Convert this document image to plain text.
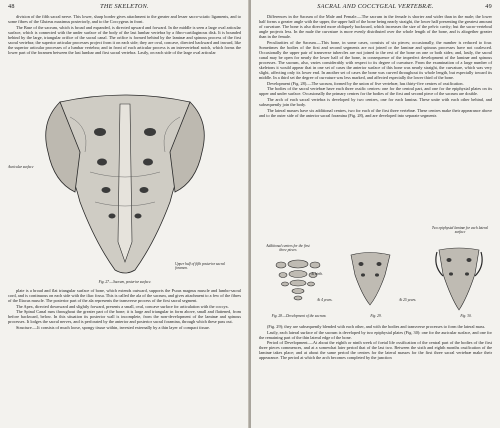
48	THE SKELETON.

division of the fifth sacral nerve. This lower, sharp border gives attachment to the greater and lesser sacro-sciatic ligaments, and to some fibres of the Gluteus maximus posteriorly, and to the Coccygeus in front.

The Base of the sacrum, which is broad and expanded, is directed upward and forward. In the middle is seen a large oval articular surface, which is connected with the under surface of the body of the last lumbar vertebra by a fibro-cartilaginous disk. It is bounded behind by the large, triangular orifice of the sacral canal. The orifice is formed behind by the laminæ and spinous process of the first sacral vertebra; the superior articular processes project from it on each side; they are oval, concave, directed backward and inward, like the superior articular processes of a lumbar vertebra; and in front of each articular process is an intervertebral notch, which forms the lower part of the foramen between the last lumbar and first sacral vertebra. Lastly, on each side of the large oval articular

Auricular surface
Upper half of fifth posterior sacral foramen.
Fig. 27.—Sacrum, posterior surface.

plate is a broad and flat triangular surface of bone, which extends outward, supports the Psoas magnus muscle and lumbo-sacral cord, and is continuous on each side with the iliac fossa. This is called the ala of the sacrum, and gives attachment to a few of the fibres of the Iliacus muscle. The posterior part of the ala represents the transverse process of the first sacral segment.

The Apex, directed downward and slightly forward, presents a small, oval, concave surface for articulation with the coccyx.

The Spinal Canal runs throughout the greater part of the bone; it is large and triangular in form above, small and flattened, from before backward, below. In this situation its posterior wall is incomplete, from the non-development of the laminæ and spinous processes. It lodges the sacral nerves, and is perforated by the anterior and posterior sacral foramina, through which these pass out.

Structure.—It consists of much loose, spongy tissue within, invested externally by a thin layer of compact tissue.

SACRAL AND COCCYGEAL VERTEBRÆ.	49

Differences in the Sacrum of the Male and Female.—The sacrum in the female is shorter and wider than in the male; the lower half forms a greater angle with the upper, the upper half of the bone being nearly straight, the lower half presenting the greatest amount of curvature. The bone is also directed more obliquely backward, which increases the size of the pelvic cavity; but the sacro-vertebral angle projects less. In the male the curvature is more evenly distributed over the whole length of the bone, and is altogether greater than in the female.

Peculiarities of the Sacrum.—This bone, in some cases, consists of six pieces; occasionally, the number is reduced to four. Sometimes the bodies of the first and second segments are not joined or the laminæ and spinous processes have not coalesced. Occasionally the upper pair of transverse tubercles are not joined to the rest of the bone on one or both sides; and, lastly, the sacral canal may be open for nearly the lower half of the bone, in consequence of the imperfect development of the laminæ and spinous processes. The sacrum, also, varies considerably with respect to its degree of curvature. From the examination of a large number of skeletons it would appear that in one set of cases the anterior surface of this bone was nearly straight, the curvature, which was very slight, affecting only its lower end. In another set of cases the bone was curved throughout its whole length, but especially toward its middle. In a third set the degree of curvature was less marked, and affected especially the lower third of the bone.

Development (Fig. 28).—The sacrum, formed by the union of five vertebræ, has thirty-five centres of ossification.

The bodies of the sacral vertebræ have each three ossific centres: one for the central part, and one for the epiphysial plates on its upper and under surface. Occasionally the primary centres for the bodies of the first and second piece of the sacrum are double.

The arch of each sacral vertebra is developed by two centres, one for each lamina. These unite with each other behind, and subsequently join the body.

The lateral masses have six additional centres, two for each of the first three vertebræ. These centres make their appearance above and to the outer side of the anterior sacral foramina (Fig. 28), and are developed into separate segments

Additional centres for the first three pieces
Two epiphysial laminæ for each lateral surface
At birth.
At 4 years.	At 25 years.
Fig. 28.—Development of the sacrum.	Fig. 29.	Fig. 30.

(Fig. 29); they are subsequently blended with each other, and with the bodies and transverse processes to form the lateral mass.

Lastly, each lateral surface of the sacrum is developed by two epiphysial plates (Fig. 30): one for the auricular surface, and one for the remaining part of the thin lateral edge of the bone.

Period of Development.—At about the eighth or ninth week of foetal life ossification of the central part of the bodies of the first three pieces commences, and at a somewhat later period that of the last two. Between the sixth and eighth months ossification of the laminæ takes place; and at about the same period the centres for the lateral masses for the first three sacral vertebræ make their appearance. The period at which the arch becomes completed by the junction
